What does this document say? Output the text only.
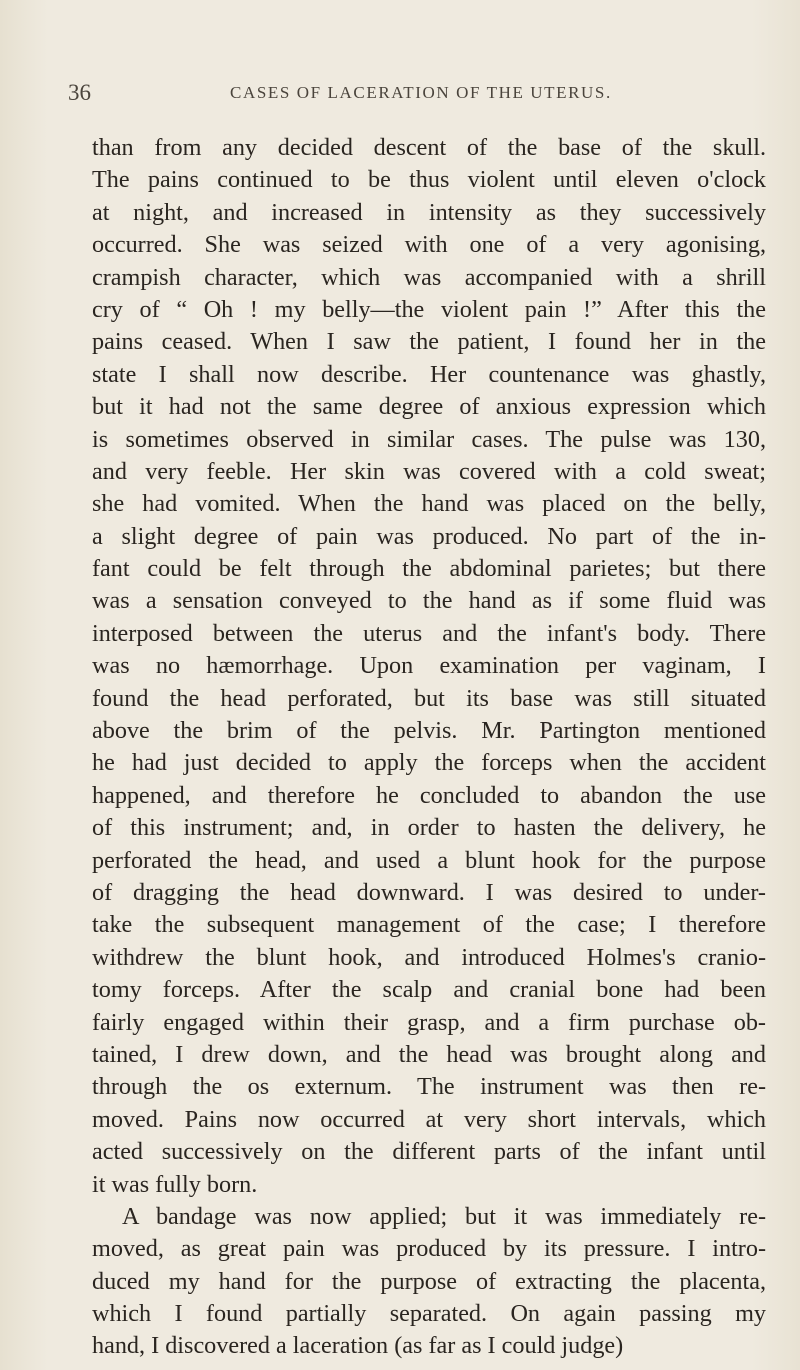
36	CASES OF LACERATION OF THE UTERUS.
than from any decided descent of the base of the skull.
The pains continued to be thus violent until eleven o'clock
at night, and increased in intensity as they successively
occurred. She was seized with one of a very agonising,
crampish character, which was accompanied with a shrill
cry of “ Oh ! my belly—the violent pain !” After this the
pains ceased. When I saw the patient, I found her in the
state I shall now describe. Her countenance was ghastly,
but it had not the same degree of anxious expression which
is sometimes observed in similar cases. The pulse was 130,
and very feeble. Her skin was covered with a cold sweat;
she had vomited. When the hand was placed on the belly,
a slight degree of pain was produced. No part of the in-
fant could be felt through the abdominal parietes; but there
was a sensation conveyed to the hand as if some fluid was
interposed between the uterus and the infant's body. There
was no hæmorrhage. Upon examination per vaginam, I
found the head perforated, but its base was still situated
above the brim of the pelvis. Mr. Partington mentioned
he had just decided to apply the forceps when the accident
happened, and therefore he concluded to abandon the use
of this instrument; and, in order to hasten the delivery, he
perforated the head, and used a blunt hook for the purpose
of dragging the head downward. I was desired to under-
take the subsequent management of the case; I therefore
withdrew the blunt hook, and introduced Holmes's cranio-
tomy forceps. After the scalp and cranial bone had been
fairly engaged within their grasp, and a firm purchase ob-
tained, I drew down, and the head was brought along and
through the os externum. The instrument was then re-
moved. Pains now occurred at very short intervals, which
acted successively on the different parts of the infant until
it was fully born.
A bandage was now applied; but it was immediately re-
moved, as great pain was produced by its pressure. I intro-
duced my hand for the purpose of extracting the placenta,
which I found partially separated. On again passing my
hand, I discovered a laceration (as far as I could judge)
